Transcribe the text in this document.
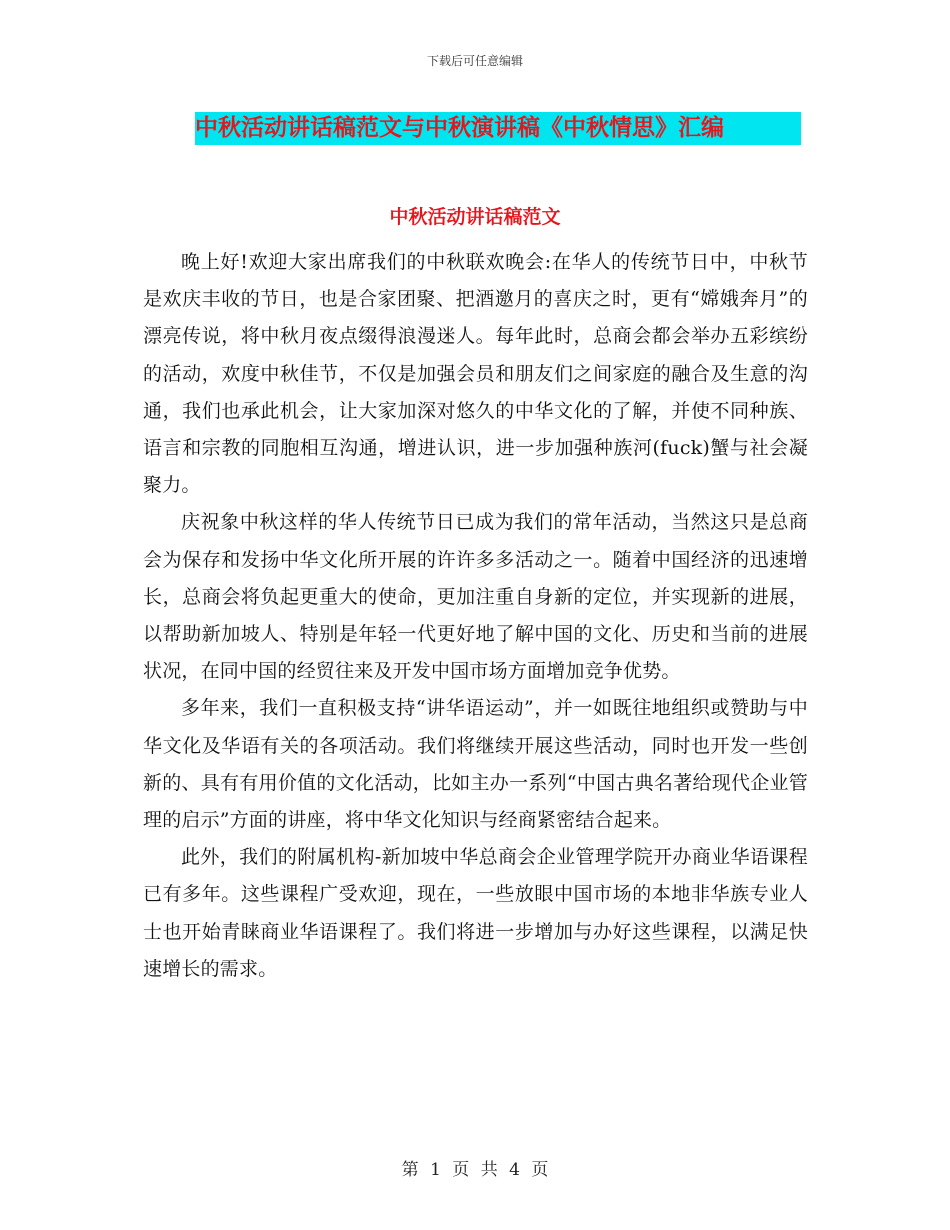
下载后可任意编辑
中秋活动讲话稿范文与中秋演讲稿《中秋情思》汇编
中秋活动讲话稿范文

晚上好!欢迎大家出席我们的中秋联欢晚会:在华人的传统节日中，中秋节是欢庆丰收的节日，也是合家团聚、把酒邀月的喜庆之时，更有“嫦娥奔月”的漂亮传说，将中秋月夜点缀得浪漫迷人。每年此时，总商会都会举办五彩缤纷的活动，欢度中秋佳节，不仅是加强会员和朋友们之间家庭的融合及生意的沟通，我们也承此机会，让大家加深对悠久的中华文化的了解，并使不同种族、语言和宗教的同胞相互沟通，增进认识，进一步加强种族河(fuck)蟹与社会凝聚力。

庆祝象中秋这样的华人传统节日已成为我们的常年活动，当然这只是总商会为保存和发扬中华文化所开展的许许多多活动之一。随着中国经济的迅速增长，总商会将负起更重大的使命，更加注重自身新的定位，并实现新的进展，以帮助新加坡人、特别是年轻一代更好地了解中国的文化、历史和当前的进展状况，在同中国的经贸往来及开发中国市场方面增加竞争优势。

多年来，我们一直积极支持“讲华语运动”，并一如既往地组织或赞助与中华文化及华语有关的各项活动。我们将继续开展这些活动，同时也开发一些创新的、具有有用价值的文化活动，比如主办一系列“中国古典名著给现代企业管理的启示”方面的讲座，将中华文化知识与经商紧密结合起来。

此外，我们的附属机构-新加坡中华总商会企业管理学院开办商业华语课程已有多年。这些课程广受欢迎，现在，一些放眼中国市场的本地非华族专业人士也开始青睐商业华语课程了。我们将进一步增加与办好这些课程，以满足快速增长的需求。

第 1 页 共 4 页
